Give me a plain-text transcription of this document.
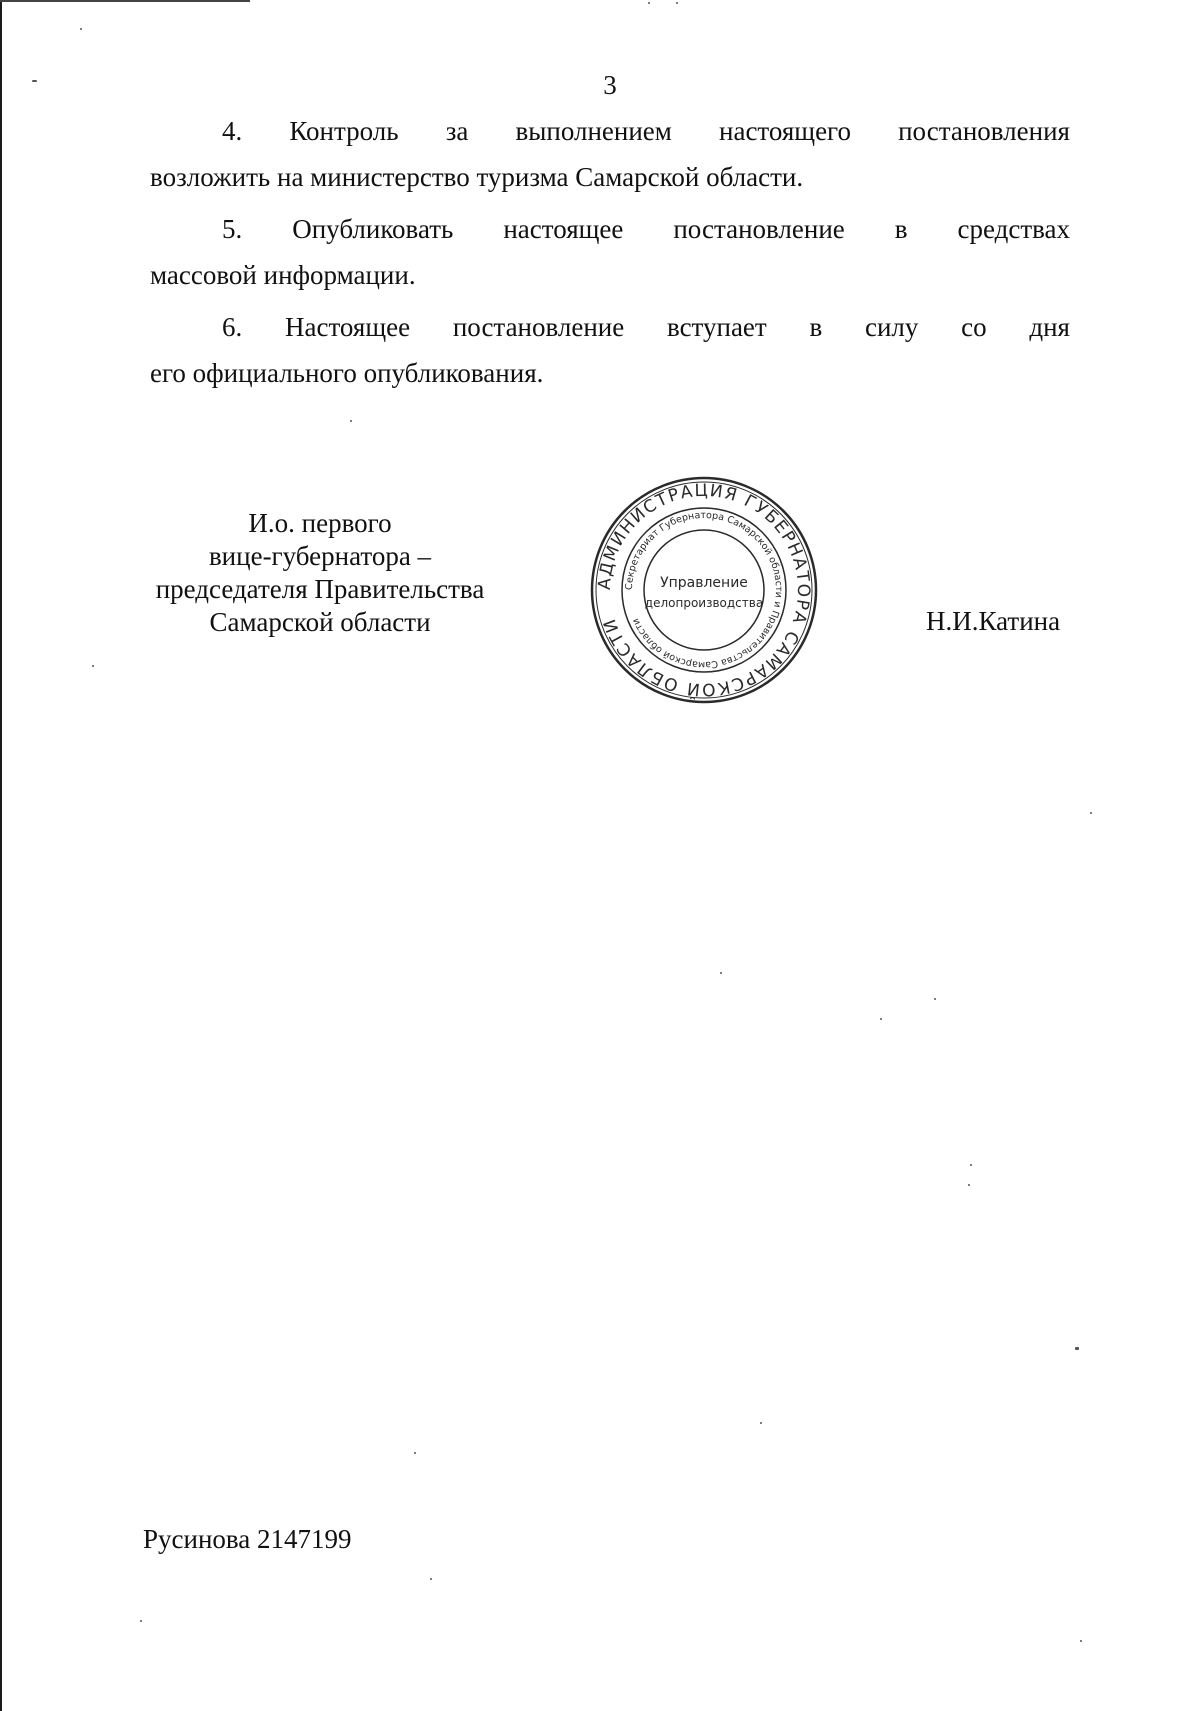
3
4. Контроль за выполнением настоящего постановления
возложить на министерство туризма Самарской области.
5. Опубликовать настоящее постановление в средствах
массовой информации.
6. Настоящее постановление вступает в силу со дня
его официального опубликования.
И.о. первого
вице-губернатора –
председателя Правительства
Самарской области
АДМИНИСТРАЦИЯ ГУБЕРНАТОРА САМАРСКОЙ ОБЛАСТИ
Секретариат Губернатора Самарской области и Правительства Самарской области
Управление
делопроизводства
Н.И.Катина
Русинова 2147199
